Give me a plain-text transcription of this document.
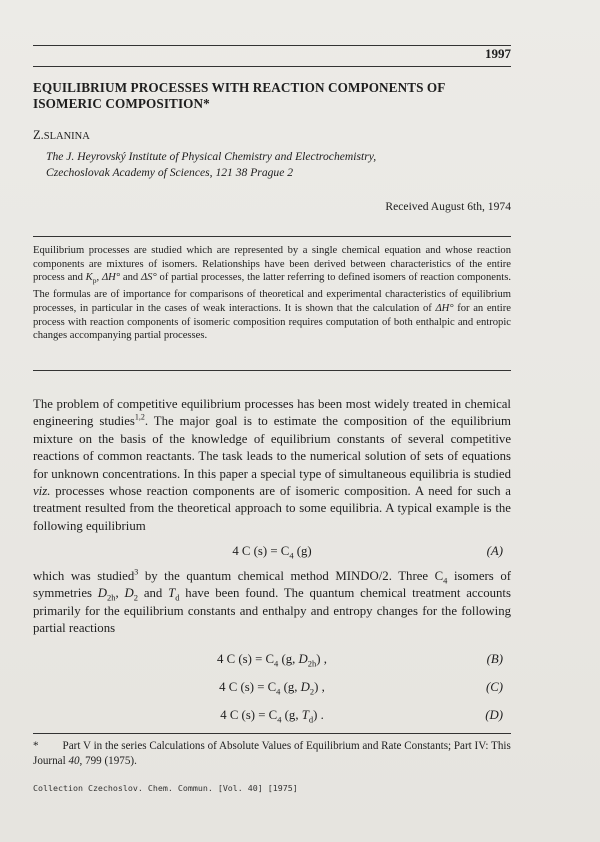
1997
EQUILIBRIUM PROCESSES WITH REACTION COMPONENTS OF ISOMERIC COMPOSITION*
Z.SLANINA
The J. Heyrovský Institute of Physical Chemistry and Electrochemistry,
Czechoslovak Academy of Sciences, 121 38 Prague 2
Received August 6th, 1974
Equilibrium processes are studied which are represented by a single chemical equation and whose reaction components are mixtures of isomers. Relationships have been derived between characteristics of the entire process and $K_p$, ΔH° and ΔS° of partial processes, the latter referring to defined isomers of reaction components. The formulas are of importance for comparisons of theoretical and experimental characteristics of equilibrium processes, in particular in the cases of weak interactions. It is shown that the calculation of ΔH° for an entire process with reaction components of isomeric composition requires computation of both enthalpic and entropic changes accompanying partial processes.
The problem of competitive equilibrium processes has been most widely treated in chemical engineering studies$^{1,2}$. The major goal is to estimate the composition of the equilibrium mixture on the basis of the knowledge of equilibrium constants of several competitive reactions of common reactants. The task leads to the numerical solution of sets of equations for unknown concentrations. In this paper a special type of simultaneous equilibria is studied viz. processes whose reaction components are of isomeric composition. A need for such a treatment resulted from the theoretical approach to some equilibria. A typical example is the following equilibrium
4 C $(s) = C_4$ (g)	(A)
which was studied$^3$ by the quantum chemical method MINDO/2. Three $C_4$ isomers of symmetries $D_{2h}$, $D_2$ and $T_d$ have been found. The quantum chemical treatment accounts primarily for the equilibrium constants and enthalpy and entropy changes for the following partial reactions
4 C $(s) = C_4$ (g, $D_{2h}$) ,	(B)
4 C $(s) = C_4$ (g, $D_2$) ,	(C)
4 C $(s) = C_4$ (g, $T_d$) .	(D)
* Part V in the series Calculations of Absolute Values of Equilibrium and Rate Constants; Part IV: This Journal 40, 799 (1975).
Collection Czechoslov. Chem. Commun. [Vol. 40] [1975]
